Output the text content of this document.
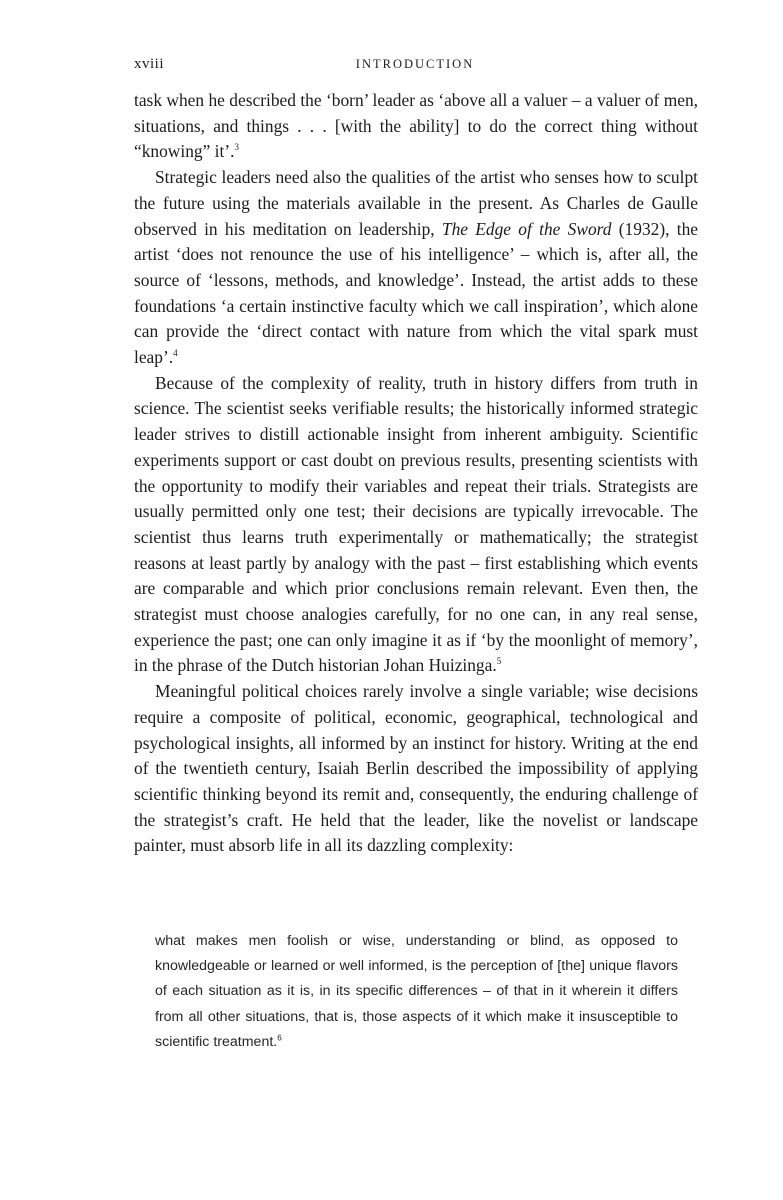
xviii	INTRODUCTION

task when he described the ‘born’ leader as ‘above all a valuer – a valuer of men, situations, and things . . . [with the ability] to do the correct thing without “knowing” it’.$^3$

Strategic leaders need also the qualities of the artist who senses how to sculpt the future using the materials available in the present. As Charles de Gaulle observed in his meditation on leadership, The Edge of the Sword (1932), the artist ‘does not renounce the use of his intelligence’ – which is, after all, the source of ‘lessons, methods, and knowledge’. Instead, the artist adds to these foundations ‘a certain instinctive faculty which we call inspiration’, which alone can provide the ‘direct contact with nature from which the vital spark must leap’.$^4$

Because of the complexity of reality, truth in history differs from truth in science. The scientist seeks verifiable results; the historically informed strategic leader strives to distill actionable insight from inherent ambiguity. Scientific experiments support or cast doubt on previous results, presenting scientists with the opportunity to modify their variables and repeat their trials. Strategists are usually permitted only one test; their decisions are typically irrevocable. The scientist thus learns truth experimentally or mathematically; the strategist reasons at least partly by analogy with the past – first establishing which events are comparable and which prior conclusions remain relevant. Even then, the strategist must choose analogies carefully, for no one can, in any real sense, experience the past; one can only imagine it as if ‘by the moonlight of memory’, in the phrase of the Dutch historian Johan Huizinga.$^5$

Meaningful political choices rarely involve a single variable; wise decisions require a composite of political, economic, geographical, technological and psychological insights, all informed by an instinct for history. Writing at the end of the twentieth century, Isaiah Berlin described the impossibility of applying scientific thinking beyond its remit and, consequently, the enduring challenge of the strategist’s craft. He held that the leader, like the novelist or landscape painter, must absorb life in all its dazzling complexity:

what makes men foolish or wise, understanding or blind, as opposed to knowledgeable or learned or well informed, is the perception of [the] unique flavors of each situation as it is, in its specific differences – of that in it wherein it differs from all other situations, that is, those aspects of it which make it insusceptible to scientific treatment.$^6$
